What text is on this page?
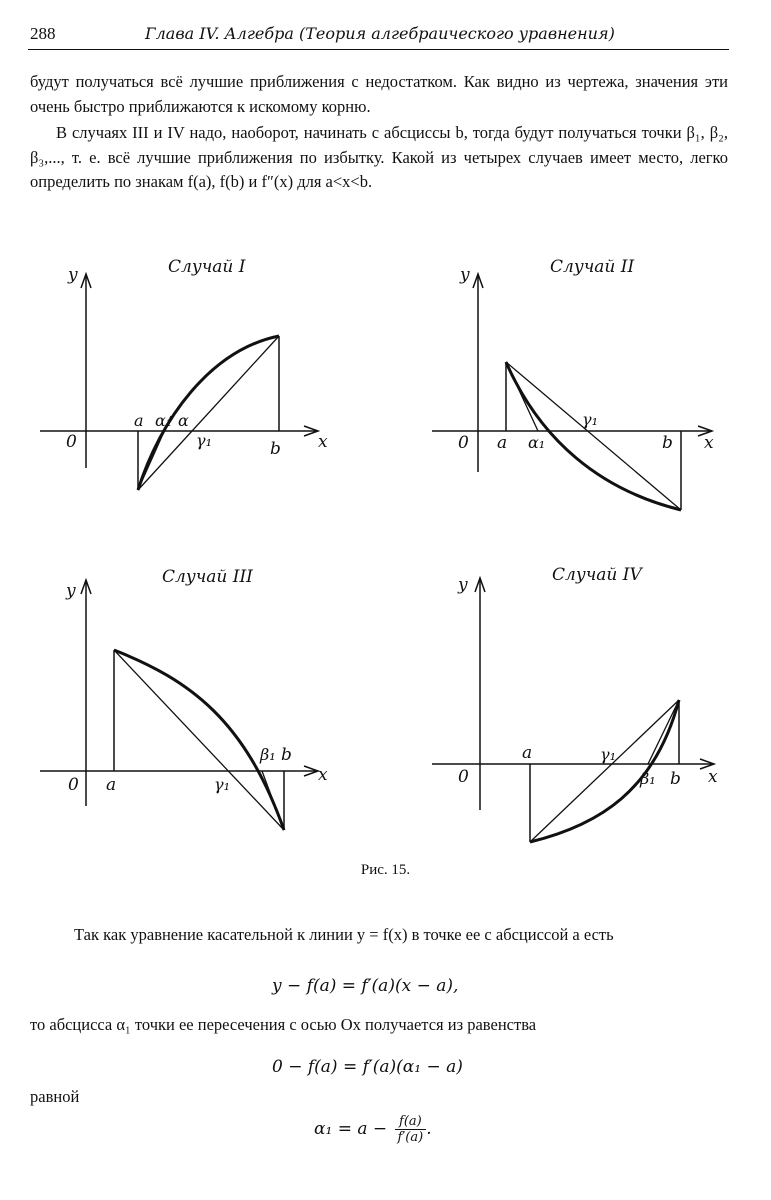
288	Глава IV. Алгебра (Теория алгебраического уравнения)
будут получаться всё лучшие приближения с недостатком. Как видно из чертежа, значения эти очень быстро приближаются к искомому корню.
В случаях III и IV надо, наоборот, начинать с абсциссы b, тогда будут получаться точки β₁, β₂, β₃,..., т. е. всё лучшие приближения по избытку. Какой из четырех случаев имеет место, легко определить по знакам f(a), f(b) и f″(x) для a<x<b.
Случай I
y
0
a α₁ α
γ₁	b x
Случай II
y
0 a α₁
γ₁
b x
Случай III
y
0 a	γ₁
β₁ b
x
Случай IV
y
0
a	γ₁
β₁ b x
Рис. 15.
Так как уравнение касательной к линии y = f(x) в точке ее с абсциссой a есть
y − f(a) = f′(a)(x − a),
то абсцисса α₁ точки ее пересечения с осью Ox получается из равенства
0 − f(a) = f′(a)(α₁ − a)
равной
$\alpha_1 = a - \frac{f(a)}{f'(a)}$ .
